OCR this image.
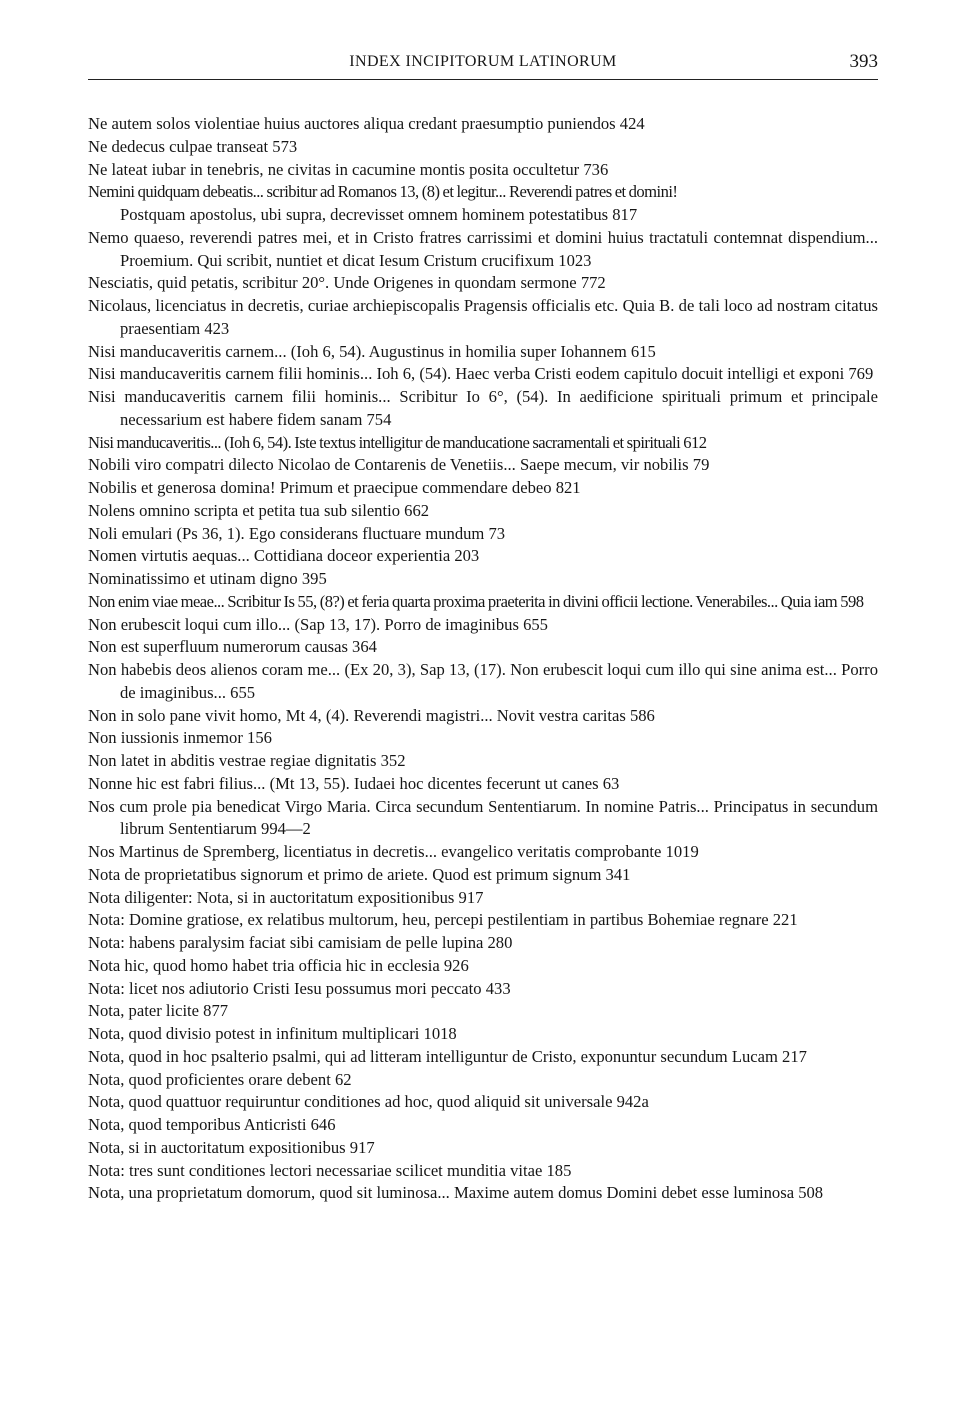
INDEX INCIPITORUM LATINORUM	393
Ne autem solos violentiae huius auctores aliqua credant praesumptio puniendos 424
Ne dedecus culpae transeat 573
Ne lateat iubar in tenebris, ne civitas in cacumine montis posita occultetur 736
Nemini quidquam debeatis... scribitur ad Romanos 13, (8) et legitur... Reverendi patres et domini!
Postquam apostolus, ubi supra, decrevisset omnem hominem potestatibus 817
Nemo quaeso, reverendi patres mei, et in Cristo fratres carrissimi et domini huius tractatuli contemnat dispendium... Proemium. Qui scribit, nuntiet et dicat Iesum Cristum crucifixum 1023
Nesciatis, quid petatis, scribitur 20°. Unde Origenes in quondam sermone 772
Nicolaus, licenciatus in decretis, curiae archiepiscopalis Pragensis officialis etc. Quia B. de tali loco ad nostram citatus praesentiam 423
Nisi manducaveritis carnem... (Ioh 6, 54). Augustinus in homilia super Iohannem 615
Nisi manducaveritis carnem filii hominis... Ioh 6, (54). Haec verba Cristi eodem capitulo docuit intelligi et exponi 769
Nisi manducaveritis carnem filii hominis... Scribitur Io 6°, (54). In aedificione spirituali primum et principale necessarium est habere fidem sanam 754
Nisi manducaveritis... (Ioh 6, 54). Iste textus intelligitur de manducatione sacramentali et spirituali 612
Nobili viro compatri dilecto Nicolao de Contarenis de Venetiis... Saepe mecum, vir nobilis 79
Nobilis et generosa domina! Primum et praecipue commendare debeo 821
Nolens omnino scripta et petita tua sub silentio 662
Noli emulari (Ps 36, 1). Ego considerans fluctuare mundum 73
Nomen virtutis aequas... Cottidiana doceor experientia 203
Nominatissimo et utinam digno 395
Non enim viae meae... Scribitur Is 55, (8?) et feria quarta proxima praeterita in divini officii lectione. Venerabiles... Quia iam 598
Non erubescit loqui cum illo... (Sap 13, 17). Porro de imaginibus 655
Non est superfluum numerorum causas 364
Non habebis deos alienos coram me... (Ex 20, 3), Sap 13, (17). Non erubescit loqui cum illo qui sine anima est... Porro de imaginibus... 655
Non in solo pane vivit homo, Mt 4, (4). Reverendi magistri... Novit vestra caritas 586
Non iussionis inmemor 156
Non latet in abditis vestrae regiae dignitatis 352
Nonne hic est fabri filius... (Mt 13, 55). Iudaei hoc dicentes fecerunt ut canes 63
Nos cum prole pia benedicat Virgo Maria. Circa secundum Sententiarum. In nomine Patris... Principatus in secundum librum Sententiarum 994—2
Nos Martinus de Spremberg, licentiatus in decretis... evangelico veritatis comprobante 1019
Nota de proprietatibus signorum et primo de ariete. Quod est primum signum 341
Nota diligenter: Nota, si in auctoritatum expositionibus 917
Nota: Domine gratiose, ex relatibus multorum, heu, percepi pestilentiam in partibus Bohemiae regnare 221
Nota: habens paralysim faciat sibi camisiam de pelle lupina 280
Nota hic, quod homo habet tria officia hic in ecclesia 926
Nota: licet nos adiutorio Cristi Iesu possumus mori peccato 433
Nota, pater licite 877
Nota, quod divisio potest in infinitum multiplicari 1018
Nota, quod in hoc psalterio psalmi, qui ad litteram intelliguntur de Cristo, exponuntur secundum Lucam 217
Nota, quod proficientes orare debent 62
Nota, quod quattuor requiruntur conditiones ad hoc, quod aliquid sit universale 942a
Nota, quod temporibus Anticristi 646
Nota, si in auctoritatum expositionibus 917
Nota: tres sunt conditiones lectori necessariae scilicet munditia vitae 185
Nota, una proprietatum domorum, quod sit luminosa... Maxime autem domus Domini debet esse luminosa 508
